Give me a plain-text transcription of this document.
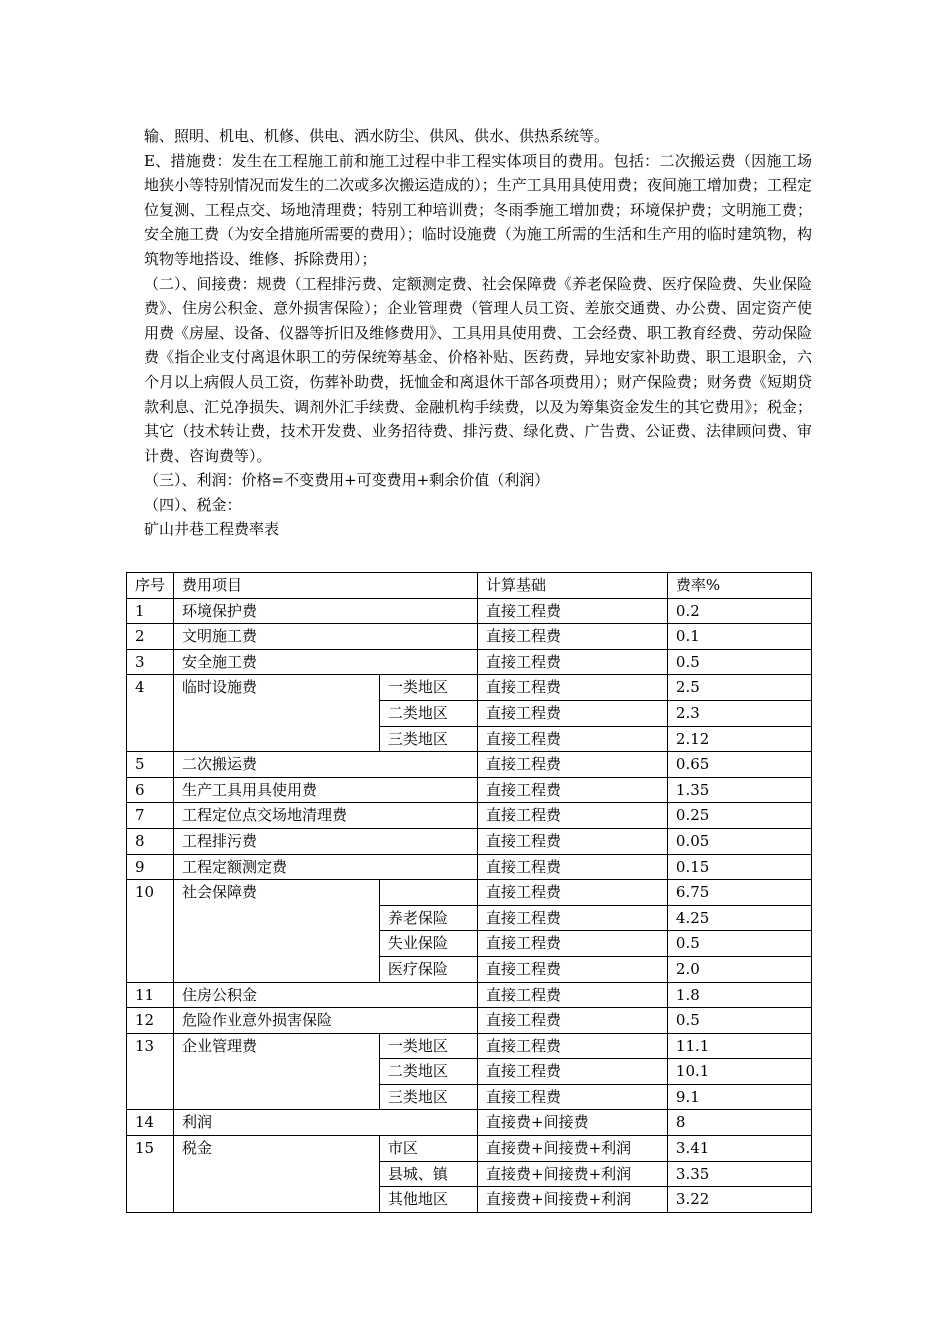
输、照明、机电、机修、供电、洒水防尘、供风、供水、供热系统等。

E、措施费：发生在工程施工前和施工过程中非工程实体项目的费用。包括：二次搬运费（因施工场地狭小等特别情况而发生的二次或多次搬运造成的）；生产工具用具使用费；夜间施工增加费；工程定位复测、工程点交、场地清理费；特别工种培训费；冬雨季施工增加费；环境保护费；文明施工费；安全施工费（为安全措施所需要的费用）；临时设施费（为施工所需的生活和生产用的临时建筑物，构筑物等地搭设、维修、拆除费用）；

（二）、间接费：规费（工程排污费、定额测定费、社会保障费《养老保险费、医疗保险费、失业保险费》、住房公积金、意外损害保险）；企业管理费（管理人员工资、差旅交通费、办公费、固定资产使用费《房屋、设备、仪器等折旧及维修费用》、工具用具使用费、工会经费、职工教育经费、劳动保险费《指企业支付离退休职工的劳保统筹基金、价格补贴、医药费，异地安家补助费、职工退职金，六个月以上病假人员工资，伤葬补助费，抚恤金和离退休干部各项费用）；财产保险费；财务费《短期贷款利息、汇兑净损失、调剂外汇手续费、金融机构手续费，以及为筹集资金发生的其它费用》；税金；其它（技术转让费，技术开发费、业务招待费、排污费、绿化费、广告费、公证费、法律顾问费、审计费、咨询费等）。

（三）、利润：价格=不变费用+可变费用+剩余价值（利润）

（四）、税金：

矿山井巷工程费率表

序号	费用项目		计算基础	费率%
1	环境保护费		直接工程费	0.2
2	文明施工费		直接工程费	0.1
3	安全施工费		直接工程费	0.5
4	临时设施费	一类地区	直接工程费	2.5
		二类地区	直接工程费	2.3
		三类地区	直接工程费	2.12
5	二次搬运费		直接工程费	0.65
6	生产工具用具使用费		直接工程费	1.35
7	工程定位点交场地清理费		直接工程费	0.25
8	工程排污费		直接工程费	0.05
9	工程定额测定费		直接工程费	0.15
10	社会保障费		直接工程费	6.75
		养老保险	直接工程费	4.25
		失业保险	直接工程费	0.5
		医疗保险	直接工程费	2.0
11	住房公积金		直接工程费	1.8
12	危险作业意外损害保险		直接工程费	0.5
13	企业管理费	一类地区	直接工程费	11.1
		二类地区	直接工程费	10.1
		三类地区	直接工程费	9.1
14	利润		直接费+间接费	8
15	税金	市区	直接费+间接费+利润	3.41
		县城、镇	直接费+间接费+利润	3.35
		其他地区	直接费+间接费+利润	3.22
